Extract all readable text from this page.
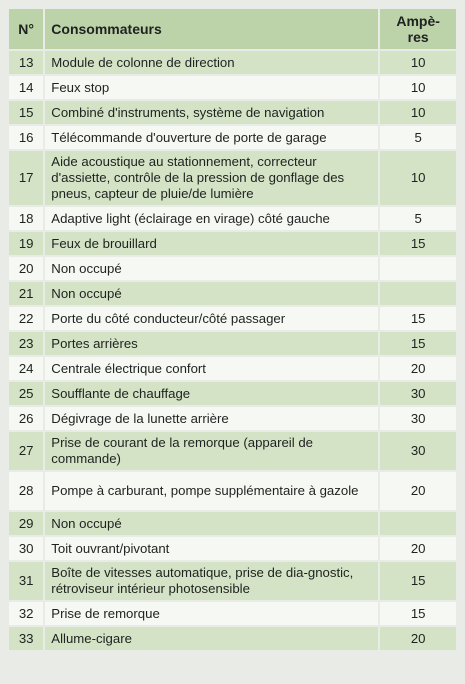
N°	Consommateurs	Ampè-
res
13	Module de colonne de direction	10
14	Feux stop	10
15	Combiné d'instruments, système de navigation	10
16	Télécommande d'ouverture de porte de garage	5
17	Aide acoustique au stationnement, correcteur d'assiette, contrôle de la pression de gonflage des pneus, capteur de pluie/de lumière	10
18	Adaptive light (éclairage en virage) côté gauche	5
19	Feux de brouillard	15
20	Non occupé	
21	Non occupé	
22	Porte du côté conducteur/côté passager	15
23	Portes arrières	15
24	Centrale électrique confort	20
25	Soufflante de chauffage	30
26	Dégivrage de la lunette arrière	30
27	Prise de courant de la remorque (appareil de commande)	30
28	Pompe à carburant, pompe supplémentaire à gazole	20
29	Non occupé	
30	Toit ouvrant/pivotant	20
31	Boîte de vitesses automatique, prise de dia-gnostic, rétroviseur intérieur photosensible	15
32	Prise de remorque	15
33	Allume-cigare	20
